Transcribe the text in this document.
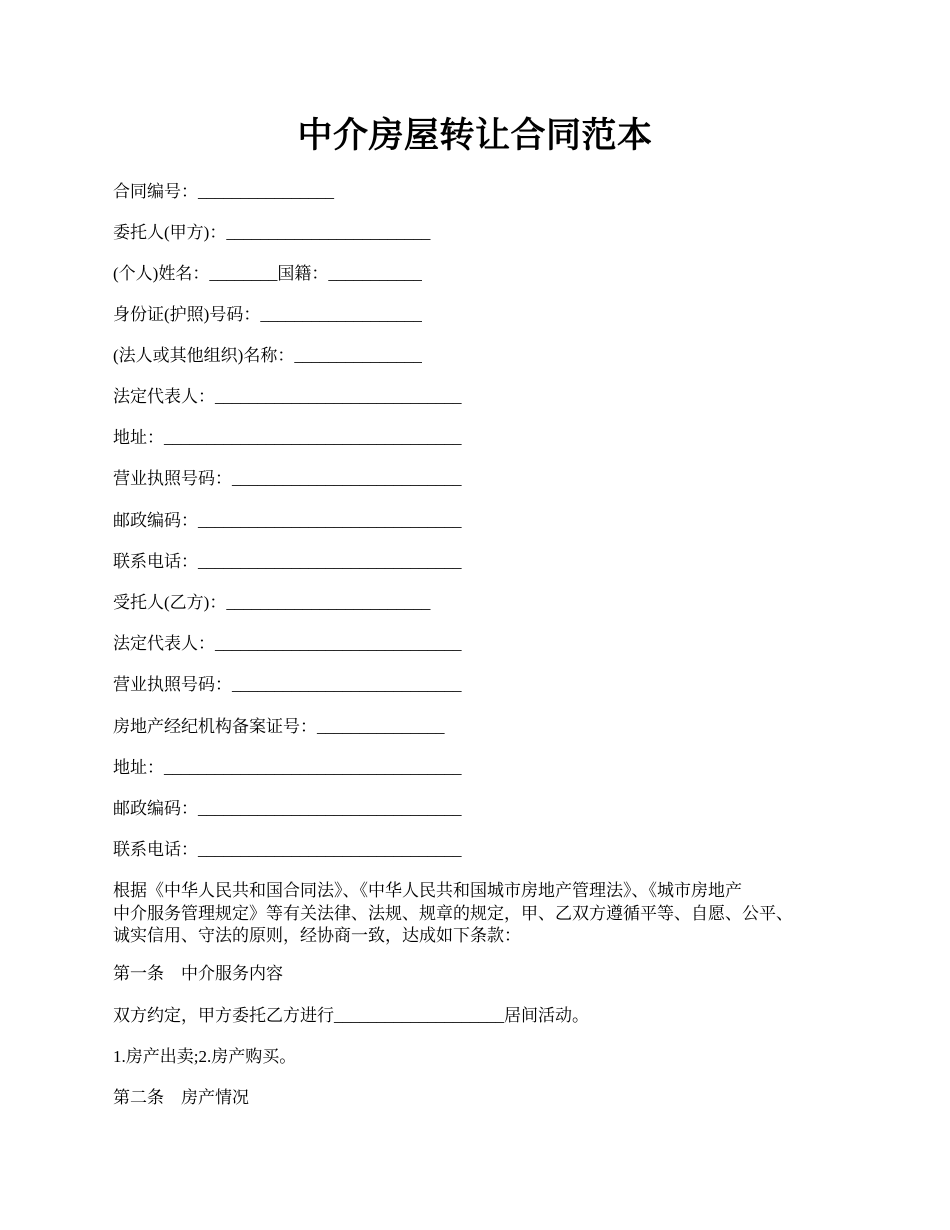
中介房屋转让合同范本
合同编号：________________
委托人(甲方)：________________________
(个人)姓名：________国籍：___________
身份证(护照)号码：___________________
(法人或其他组织)名称：_______________
法定代表人：_____________________________
地址：___________________________________
营业执照号码：___________________________
邮政编码：_______________________________
联系电话：_______________________________
受托人(乙方)：________________________
法定代表人：_____________________________
营业执照号码：___________________________
房地产经纪机构备案证号：_______________
地址：___________________________________
邮政编码：_______________________________
联系电话：_______________________________
根据《中华人民共和国合同法》、《中华人民共和国城市房地产管理法》、《城市房地产
中介服务管理规定》等有关法律、法规、规章的规定，甲、乙双方遵循平等、自愿、公平、
诚实信用、守法的原则，经协商一致，达成如下条款：
第一条　中介服务内容
双方约定，甲方委托乙方进行____________________居间活动。
1.房产出卖;2.房产购买。
第二条　房产情况
